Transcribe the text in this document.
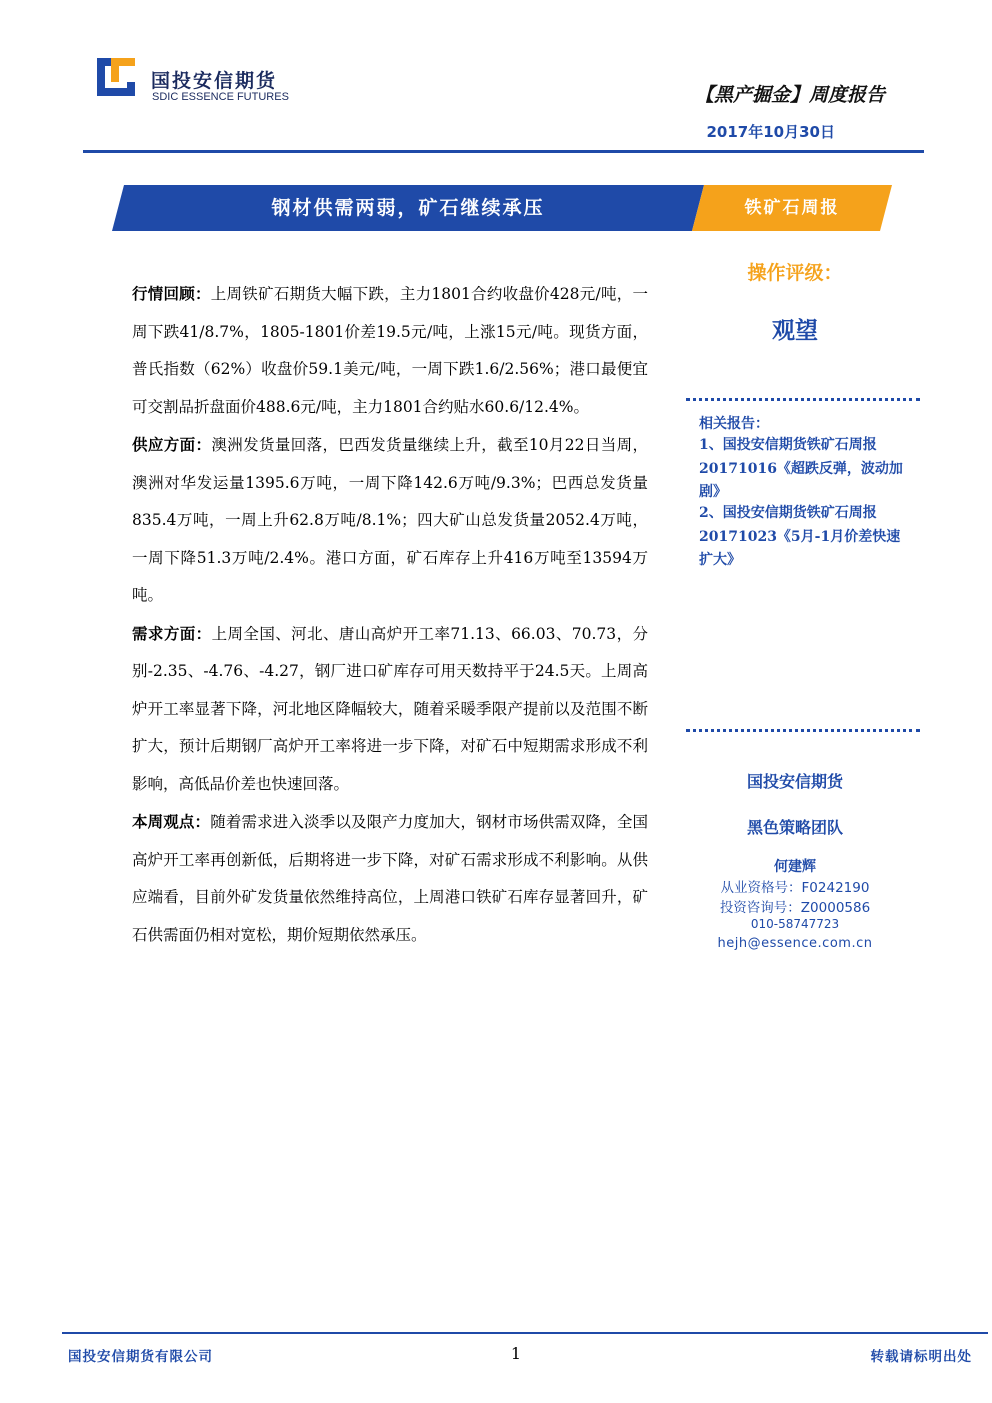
国投安信期货
SDIC ESSENCE FUTURES	【黑产掘金】周度报告
2017年10月30日
钢材供需两弱，矿石继续承压	铁矿石周报

行情回顾：上周铁矿石期货大幅下跌，主力1801合约收盘价428元/吨，一周下跌41/8.7%，1805-1801价差19.5元/吨，上涨15元/吨。现货方面，普氏指数（62%）收盘价59.1美元/吨，一周下跌1.6/2.56%；港口最便宜可交割品折盘面价488.6元/吨，主力1801合约贴水60.6/12.4%。

供应方面：澳洲发货量回落，巴西发货量继续上升，截至10月22日当周，澳洲对华发运量1395.6万吨，一周下降142.6万吨/9.3%；巴西总发货量835.4万吨，一周上升62.8万吨/8.1%；四大矿山总发货量2052.4万吨，一周下降51.3万吨/2.4%。港口方面，矿石库存上升416万吨至13594万吨。

需求方面：上周全国、河北、唐山高炉开工率71.13、66.03、70.73，分别-2.35、-4.76、-4.27，钢厂进口矿库存可用天数持平于24.5天。上周高炉开工率显著下降，河北地区降幅较大，随着采暖季限产提前以及范围不断扩大，预计后期钢厂高炉开工率将进一步下降，对矿石中短期需求形成不利影响，高低品价差也快速回落。

本周观点：随着需求进入淡季以及限产力度加大，钢材市场供需双降，全国高炉开工率再创新低，后期将进一步下降，对矿石需求形成不利影响。从供应端看，目前外矿发货量依然维持高位，上周港口铁矿石库存显著回升，矿石供需面仍相对宽松，期价短期依然承压。

操作评级：
观望
相关报告：
1、国投安信期货铁矿石周报20171016《超跌反弹，波动加剧》
2、国投安信期货铁矿石周报20171023《5月-1月价差快速扩大》
国投安信期货
黑色策略团队
何建辉
从业资格号：F0242190
投资咨询号：Z0000586
010-58747723
hejh@essence.com.cn
国投安信期货有限公司	1	转载请标明出处
